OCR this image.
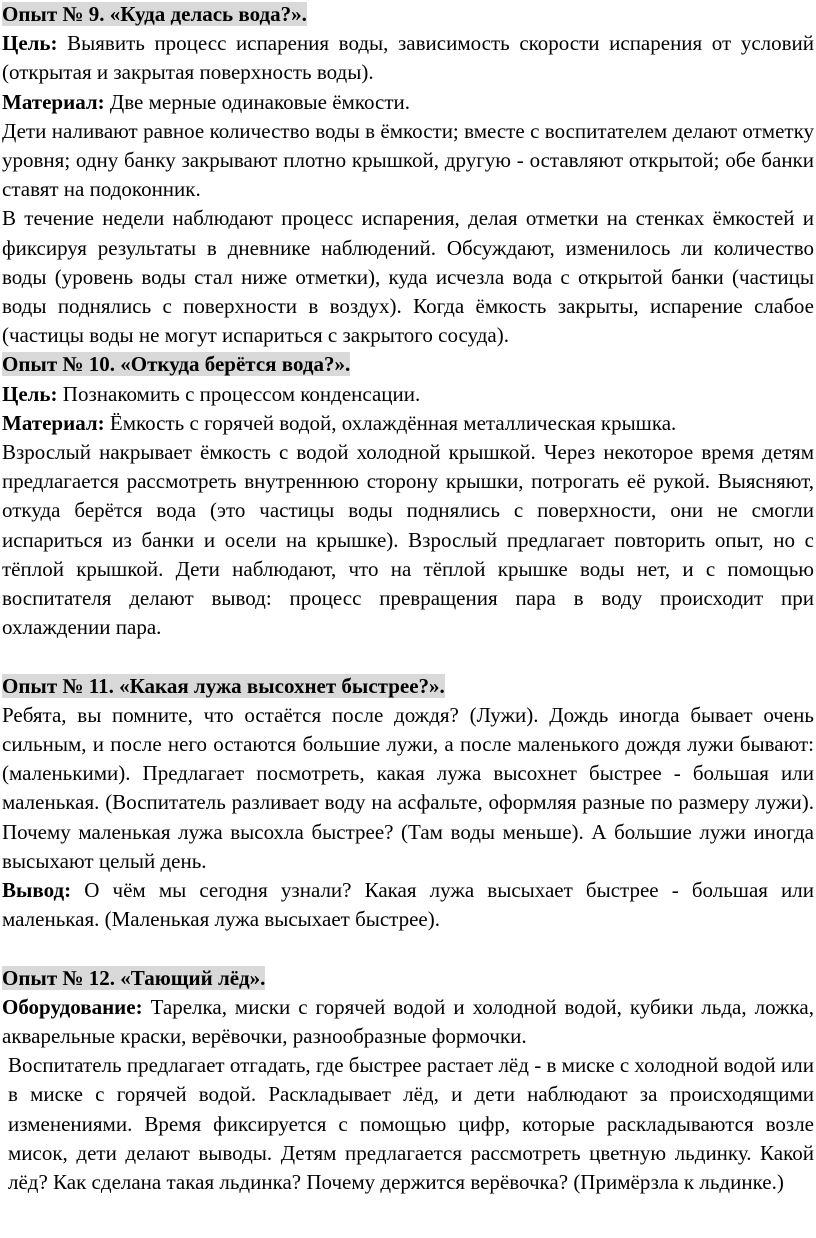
Опыт № 9. «Куда делась вода?».

Цель: Выявить процесс испарения воды, зависимость скорости испарения от условий (открытая и закрытая поверхность воды).

Материал: Две мерные одинаковые ёмкости.

Дети наливают равное количество воды в ёмкости; вместе с воспитателем делают отметку уровня; одну банку закрывают плотно крышкой, другую - оставляют открытой; обе банки ставят на подоконник.

В течение недели наблюдают процесс испарения, делая отметки на стенках ёмкостей и фиксируя результаты в дневнике наблюдений. Обсуждают, изменилось ли количество воды (уровень воды стал ниже отметки), куда исчезла вода с открытой банки (частицы воды поднялись с поверхности в воздух). Когда ёмкость закрыты, испарение слабое (частицы воды не могут испариться с закрытого сосуда).

Опыт № 10. «Откуда берётся вода?».

Цель: Познакомить с процессом конденсации.

Материал: Ёмкость с горячей водой, охлаждённая металлическая крышка.

Взрослый накрывает ёмкость с водой холодной крышкой. Через некоторое время детям предлагается рассмотреть внутреннюю сторону крышки, потрогать её рукой. Выясняют, откуда берётся вода (это частицы воды поднялись с поверхности, они не смогли испариться из банки и осели на крышке). Взрослый предлагает повторить опыт, но с тёплой крышкой. Дети наблюдают, что на тёплой крышке воды нет, и с помощью воспитателя делают вывод: процесс превращения пара в воду происходит при охлаждении пара.

Опыт № 11. «Какая лужа высохнет быстрее?».

Ребята, вы помните, что остаётся после дождя? (Лужи). Дождь иногда бывает очень сильным, и после него остаются большие лужи, а после маленького дождя лужи бывают: (маленькими). Предлагает посмотреть, какая лужа высохнет быстрее - большая или маленькая. (Воспитатель разливает воду на асфальте, оформляя разные по размеру лужи). Почему маленькая лужа высохла быстрее? (Там воды меньше). А большие лужи иногда высыхают целый день.

Вывод: О чём мы сегодня узнали? Какая лужа высыхает быстрее - большая или маленькая. (Маленькая лужа высыхает быстрее).

Опыт № 12. «Тающий лёд».

Оборудование: Тарелка, миски с горячей водой и холодной водой, кубики льда, ложка, акварельные краски, верёвочки, разнообразные формочки.

Воспитатель предлагает отгадать, где быстрее растает лёд - в миске с холодной водой или в миске с горячей водой. Раскладывает лёд, и дети наблюдают за происходящими изменениями. Время фиксируется с помощью цифр, которые раскладываются возле мисок, дети делают выводы. Детям предлагается рассмотреть цветную льдинку. Какой лёд? Как сделана такая льдинка? Почему держится верёвочка? (Примёрзла к льдинке.)
